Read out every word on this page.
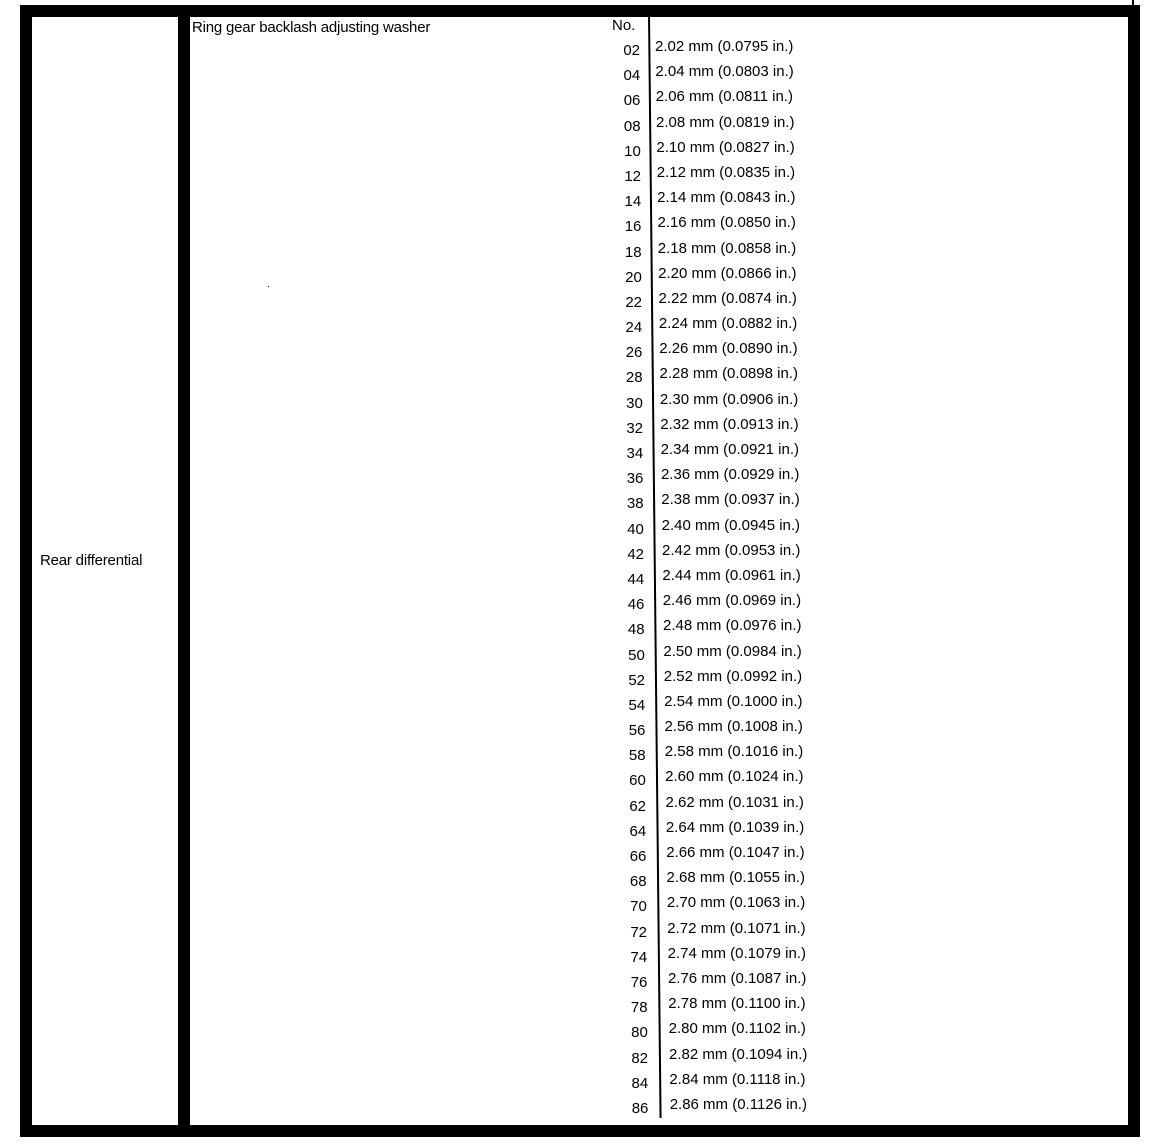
Rear differential
Ring gear backlash adjusting washer	No.
02
04
06
08
10
12
14
16
18
20
22
24
26
28
30
32
34
36
38
40
42
44
46
48
50
52
54
56
58
60
62
64
66
68
70
72
74
76
78
80
82
84
86
2.02 mm (0.0795 in.)
2.04 mm (0.0803 in.)
2.06 mm (0.0811 in.)
2.08 mm (0.0819 in.)
2.10 mm (0.0827 in.)
2.12 mm (0.0835 in.)
2.14 mm (0.0843 in.)
2.16 mm (0.0850 in.)
2.18 mm (0.0858 in.)
2.20 mm (0.0866 in.)
2.22 mm (0.0874 in.)
2.24 mm (0.0882 in.)
2.26 mm (0.0890 in.)
2.28 mm (0.0898 in.)
2.30 mm (0.0906 in.)
2.32 mm (0.0913 in.)
2.34 mm (0.0921 in.)
2.36 mm (0.0929 in.)
2.38 mm (0.0937 in.)
2.40 mm (0.0945 in.)
2.42 mm (0.0953 in.)
2.44 mm (0.0961 in.)
2.46 mm (0.0969 in.)
2.48 mm (0.0976 in.)
2.50 mm (0.0984 in.)
2.52 mm (0.0992 in.)
2.54 mm (0.1000 in.)
2.56 mm (0.1008 in.)
2.58 mm (0.1016 in.)
2.60 mm (0.1024 in.)
2.62 mm (0.1031 in.)
2.64 mm (0.1039 in.)
2.66 mm (0.1047 in.)
2.68 mm (0.1055 in.)
2.70 mm (0.1063 in.)
2.72 mm (0.1071 in.)
2.74 mm (0.1079 in.)
2.76 mm (0.1087 in.)
2.78 mm (0.1100 in.)
2.80 mm (0.1102 in.)
2.82 mm (0.1094 in.)
2.84 mm (0.1118 in.)
2.86 mm (0.1126 in.)
